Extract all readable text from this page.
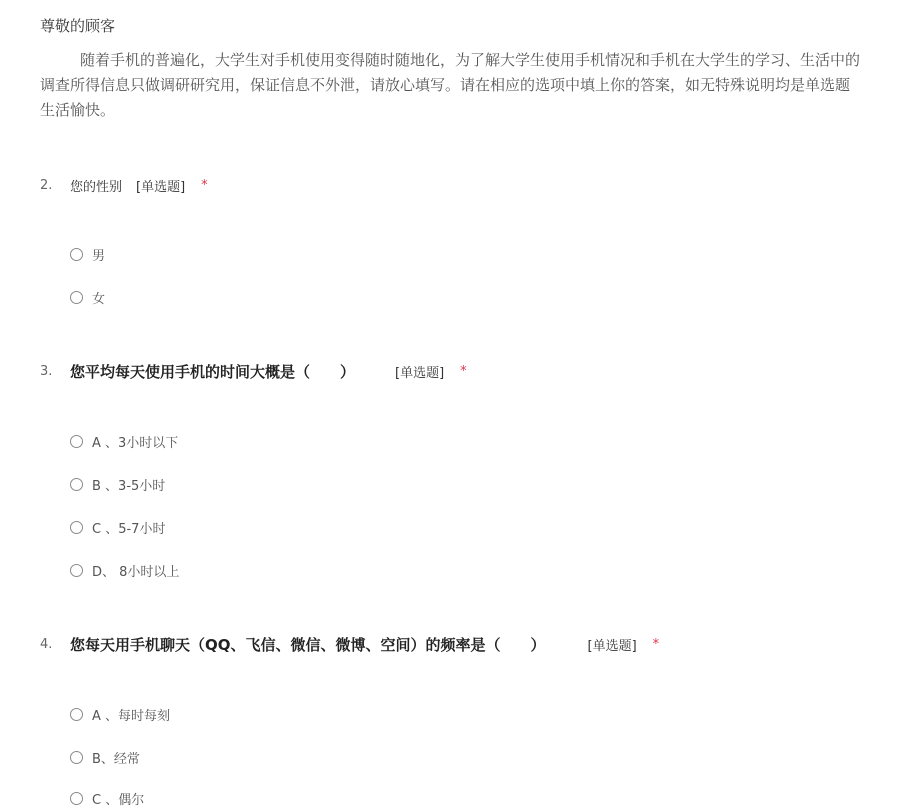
尊敬的顾客
随着手机的普遍化，大学生对手机使用变得随时随地化，为了解大学生使用手机情况和手机在大学生的学习、生活中的
调查所得信息只做调研研究用，保证信息不外泄，请放心填写。请在相应的选项中填上你的答案，如无特殊说明均是单选题
生活愉快。
2.	您的性别 [单选题] *
男
女
3.	您平均每天使用手机的时间大概是（　　）	[单选题] *
A 、3小时以下
B 、3-5小时
C 、5-7小时
D、 8小时以上
4.	您每天用手机聊天（QQ、飞信、微信、微博、空间）的频率是（　　）	[单选题] *
A 、每时每刻
B、经常
C 、偶尔
